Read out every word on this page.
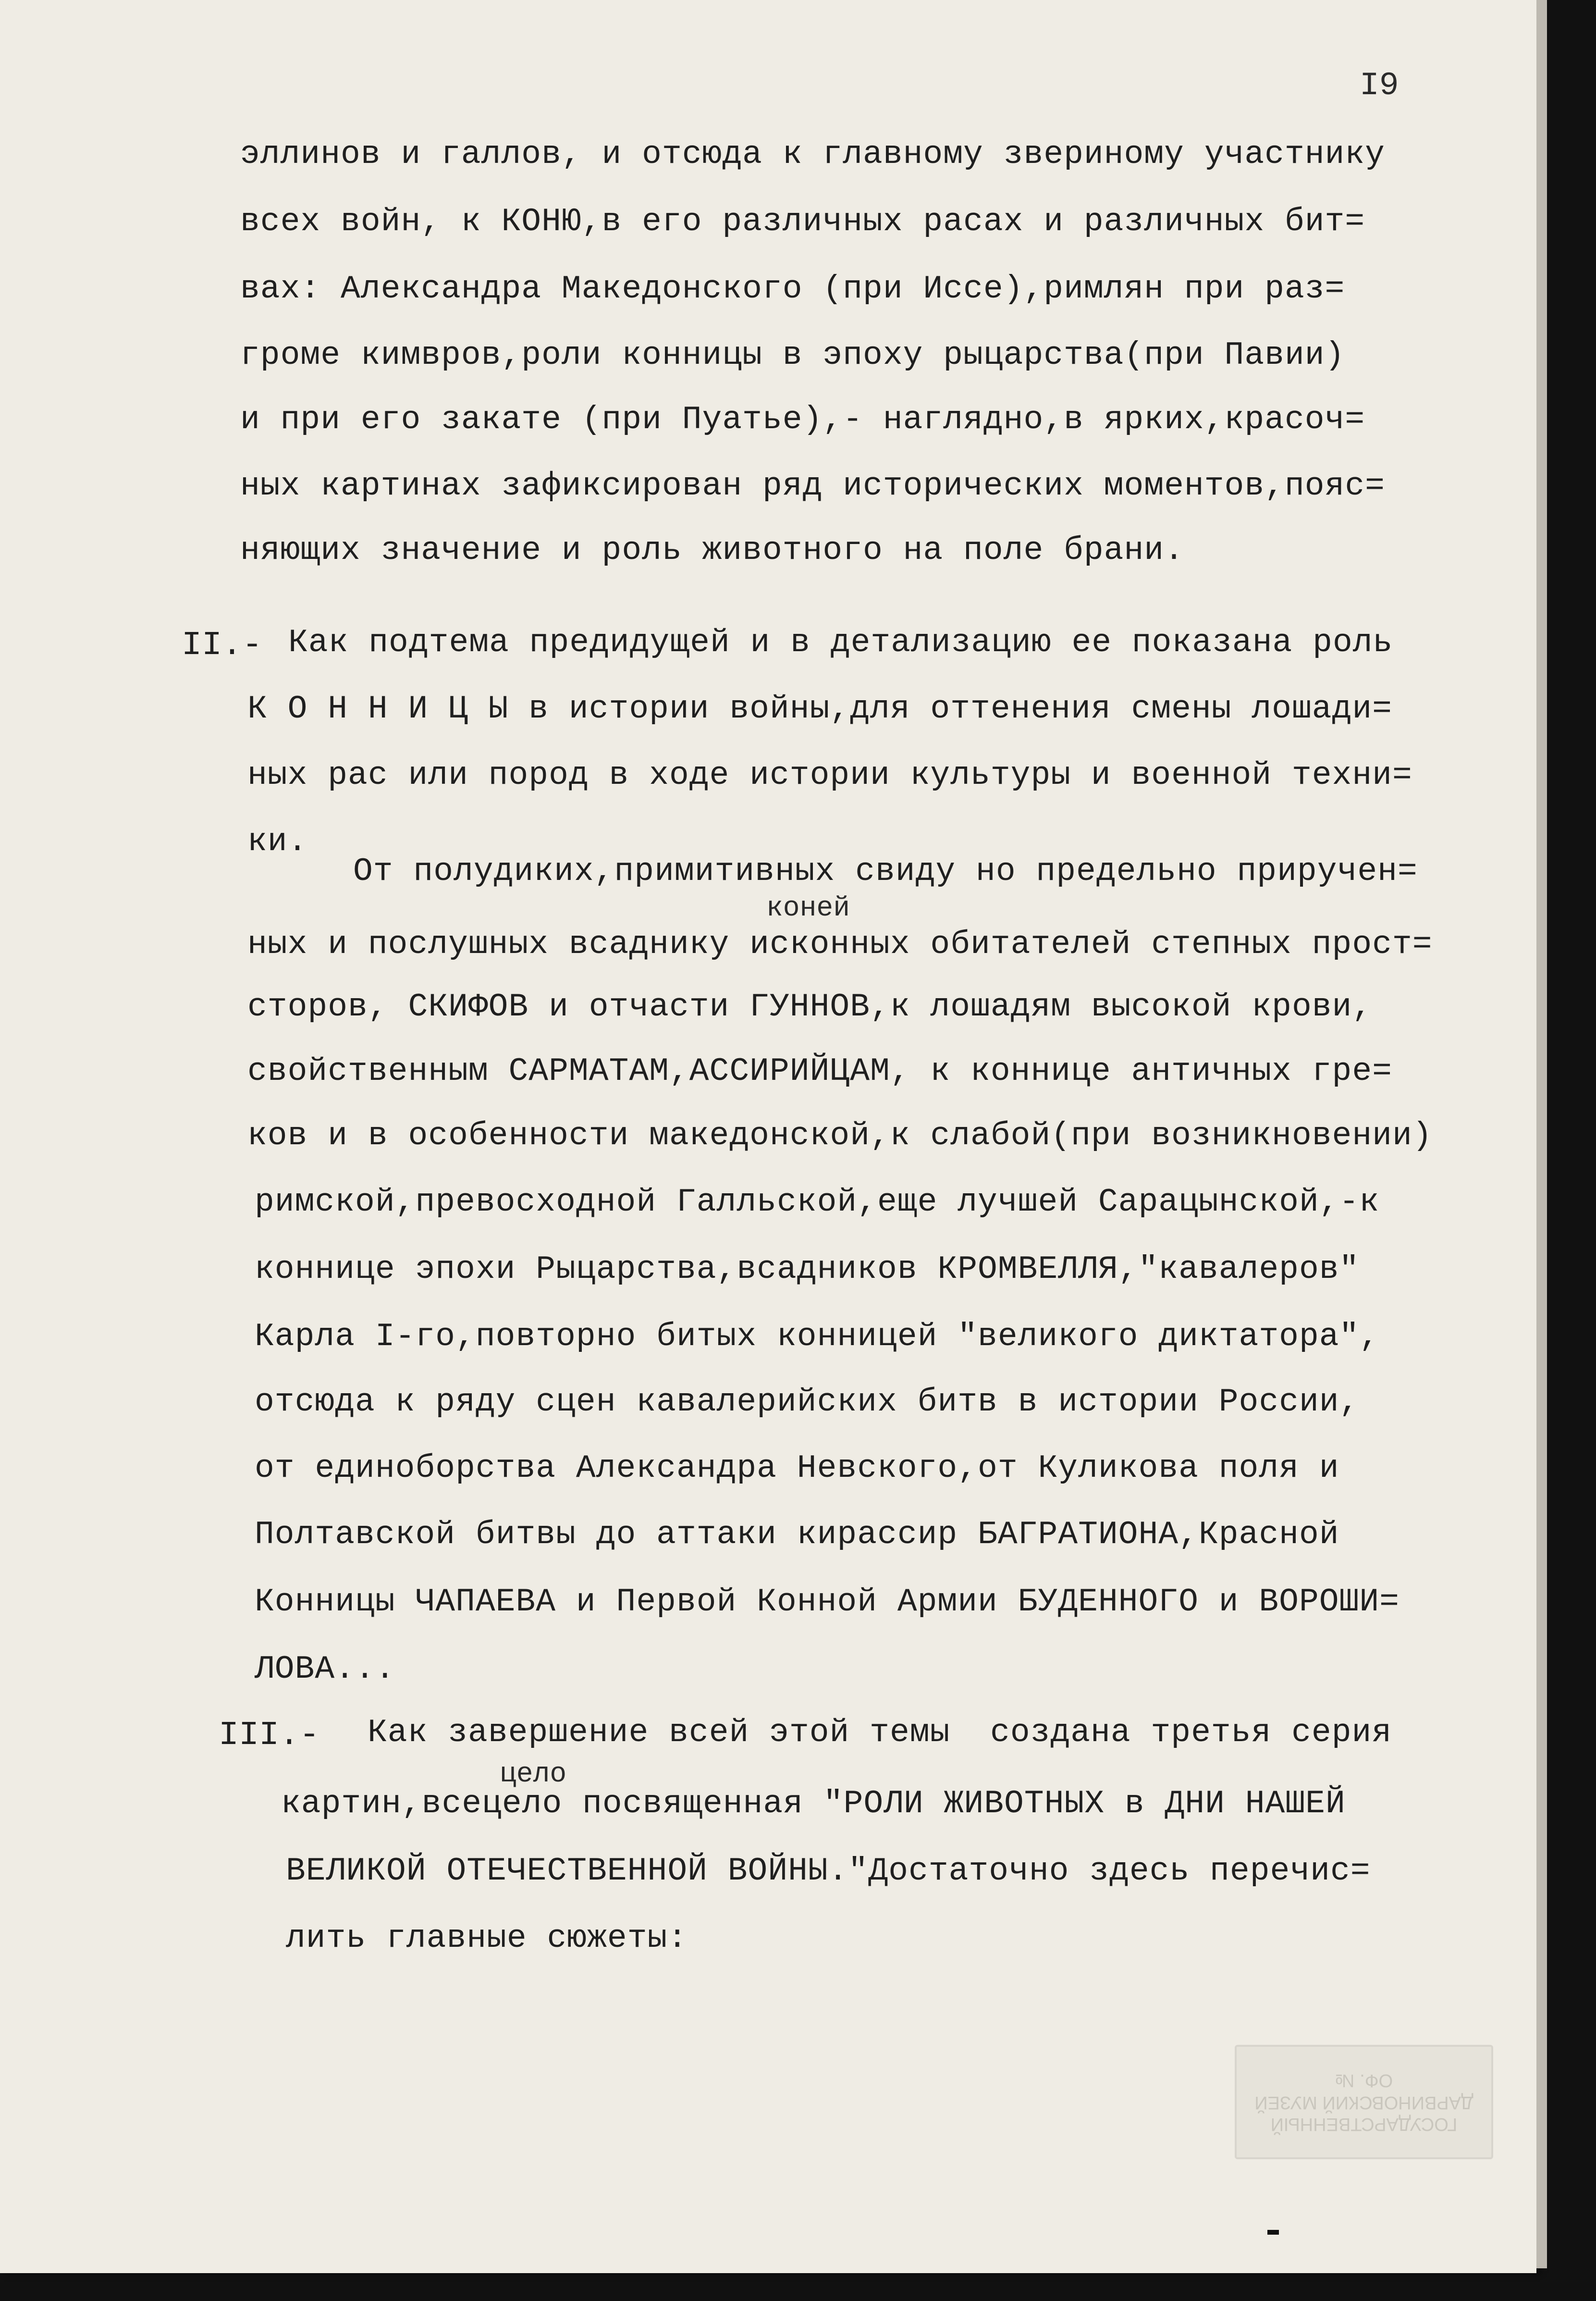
I9
эллинов и галлов, и отсюда к главному звериному участнику
всех войн, к КОНЮ,в его различных расах и различных бит=
вах: Александра Македонского (при Иссе),римлян при раз=
громе кимвров,роли конницы в эпоху рыцарства(при Павии)
и при его закате (при Пуатье),- наглядно,в ярких,красоч=
ных картинах зафиксирован ряд исторических моментов,пояс=
няющих значение и роль животного на поле брани.
II.- Как подтема предидущей и в детализацию ее показана роль
К О Н Н И Ц Ы в истории войны,для оттенения смены лошади=
ных рас или пород в ходе истории культуры и военной техни=
ки.
От полудиких,примитивных свиду но предельно приручен=
коней
ных и послушных всаднику исконных обитателей степных прост=
сторов, СКИФОВ и отчасти ГУННОВ,к лошадям высокой крови,
свойственным САРМАТАМ,АССИРИЙЦАМ, к коннице античных гре=
ков и в особенности македонской,к слабой(при возникновении)
римской,превосходной Галльской,еще лучшей Сарацынской,-к
коннице эпохи Рыцарства,всадников КРОМВЕЛЛЯ,"кавалеров"
Карла I-го,повторно битых конницей "великого диктатора",
отсюда к ряду сцен кавалерийских битв в истории России,
от единоборства Александра Невского,от Куликова поля и
Полтавской битвы до аттаки кирассир БАГРАТИОНА,Красной
Конницы ЧАПАЕВА и Первой Конной Армии БУДЕННОГО и ВОРОШИ=
ЛОВА...
III.- Как завершение всей этой темы  создана третья серия
цело
картин,всецело посвященная "РОЛИ ЖИВОТНЫХ в ДНИ НАШЕЙ
ВЕЛИКОЙ ОТЕЧЕСТВЕННОЙ ВОЙНЫ."Достаточно здесь перечис=
лить главные сюжеты:
ГОСУДАРСТВЕННЫЙ
ДАРВИНОВСКИЙ МУЗЕЙ
ОФ. №
